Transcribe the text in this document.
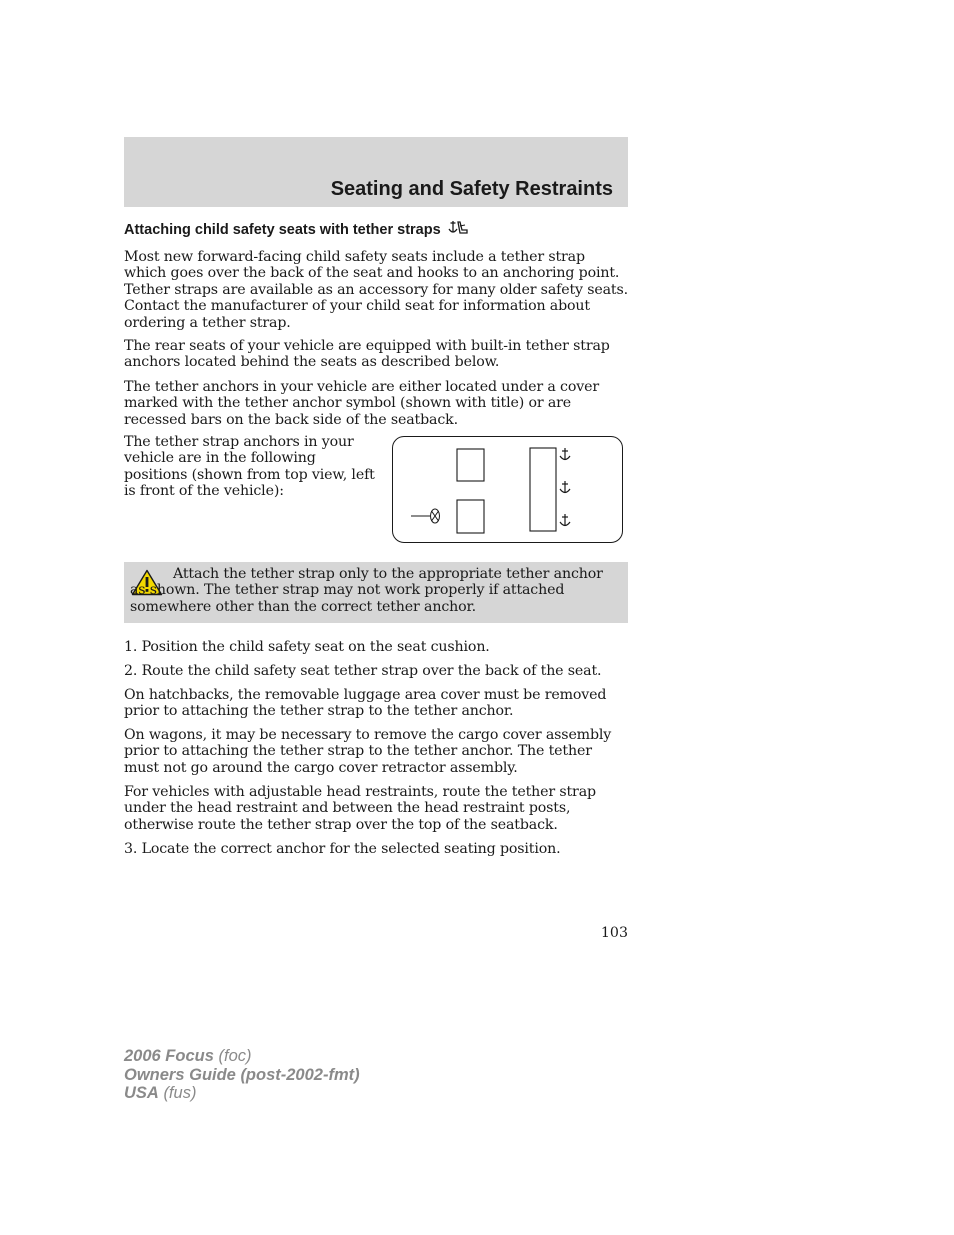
Seating and Safety Restraints
Attaching child safety seats with tether straps

Most new forward-facing child safety seats include a tether strap which goes over the back of the seat and hooks to an anchoring point. Tether straps are available as an accessory for many older safety seats. Contact the manufacturer of your child seat for information about ordering a tether strap.

The rear seats of your vehicle are equipped with built-in tether strap anchors located behind the seats as described below.

The tether anchors in your vehicle are either located under a cover marked with the tether anchor symbol (shown with title) or are recessed bars on the back side of the seatback.

The tether strap anchors in your vehicle are in the following positions (shown from top view, left is front of the vehicle):

Attach the tether strap only to the appropriate tether anchor as shown. The tether strap may not work properly if attached somewhere other than the correct tether anchor.

1. Position the child safety seat on the seat cushion.

2. Route the child safety seat tether strap over the back of the seat.

On hatchbacks, the removable luggage area cover must be removed prior to attaching the tether strap to the tether anchor.

On wagons, it may be necessary to remove the cargo cover assembly prior to attaching the tether strap to the tether anchor. The tether must not go around the cargo cover retractor assembly.

For vehicles with adjustable head restraints, route the tether strap under the head restraint and between the head restraint posts, otherwise route the tether strap over the top of the seatback.

3. Locate the correct anchor for the selected seating position.

103
2006 Focus (foc)
Owners Guide (post-2002-fmt)
USA (fus)
